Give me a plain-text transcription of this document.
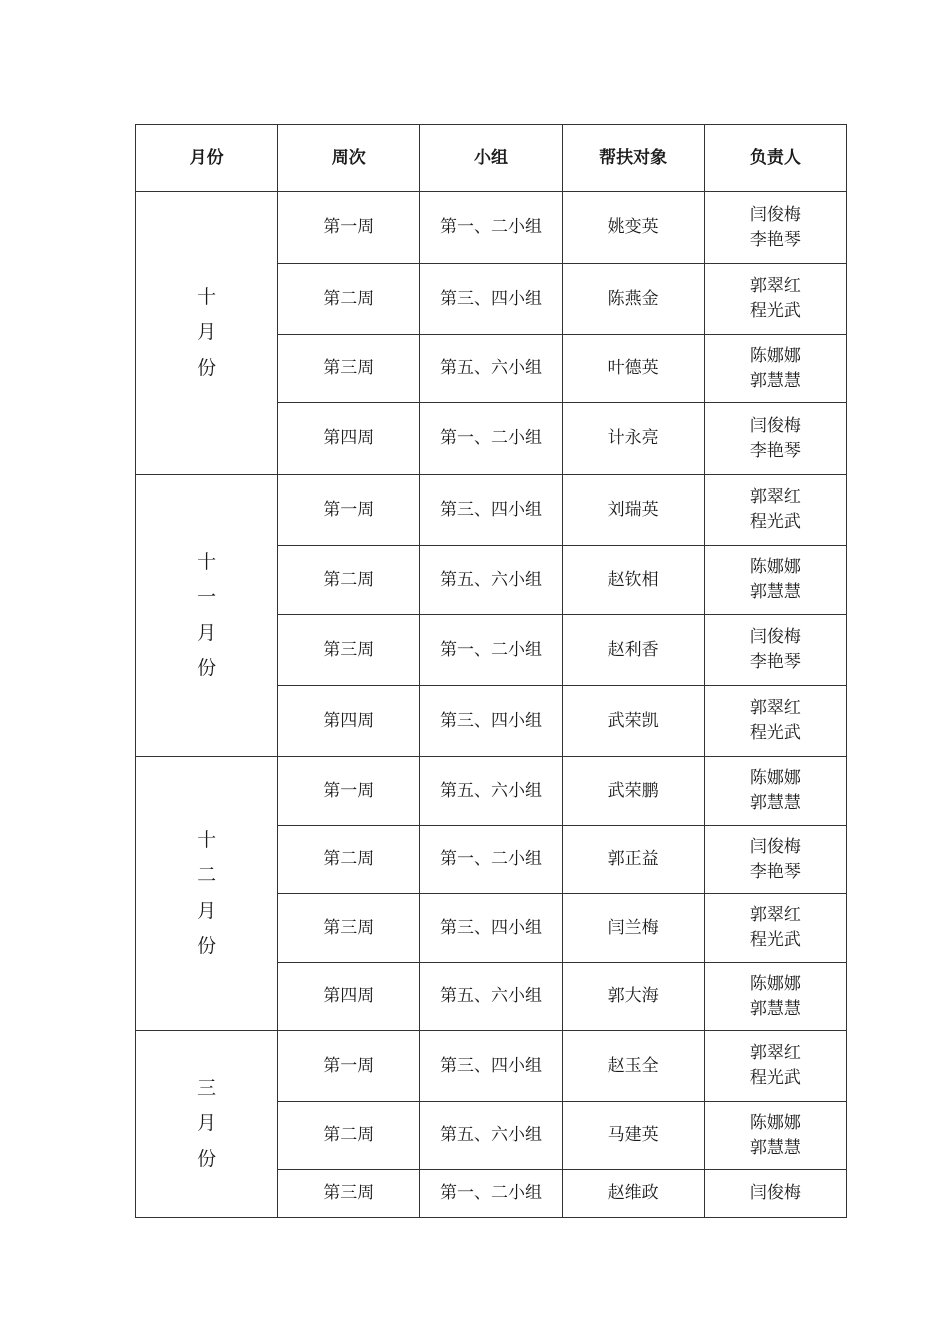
月份	周次	小组	帮扶对象	负责人

十
月
份	第一周	第一、二小组	姚变英	闫俊梅
李艳琴

	第二周	第三、四小组	陈燕金	郭翠红
程光武

	第三周	第五、六小组	叶德英	陈娜娜
郭慧慧

	第四周	第一、二小组	计永亮	闫俊梅
李艳琴

十
一
月
份	第一周	第三、四小组	刘瑞英	郭翠红
程光武

	第二周	第五、六小组	赵钦相	陈娜娜
郭慧慧

	第三周	第一、二小组	赵利香	闫俊梅
李艳琴

	第四周	第三、四小组	武荣凯	郭翠红
程光武

十
二
月
份	第一周	第五、六小组	武荣鹏	陈娜娜
郭慧慧

	第二周	第一、二小组	郭正益	闫俊梅
李艳琴

	第三周	第三、四小组	闫兰梅	郭翠红
程光武

	第四周	第五、六小组	郭大海	陈娜娜
郭慧慧

三
月
份	第一周	第三、四小组	赵玉全	郭翠红
程光武

	第二周	第五、六小组	马建英	陈娜娜
郭慧慧

	第三周	第一、二小组	赵维政	闫俊梅
